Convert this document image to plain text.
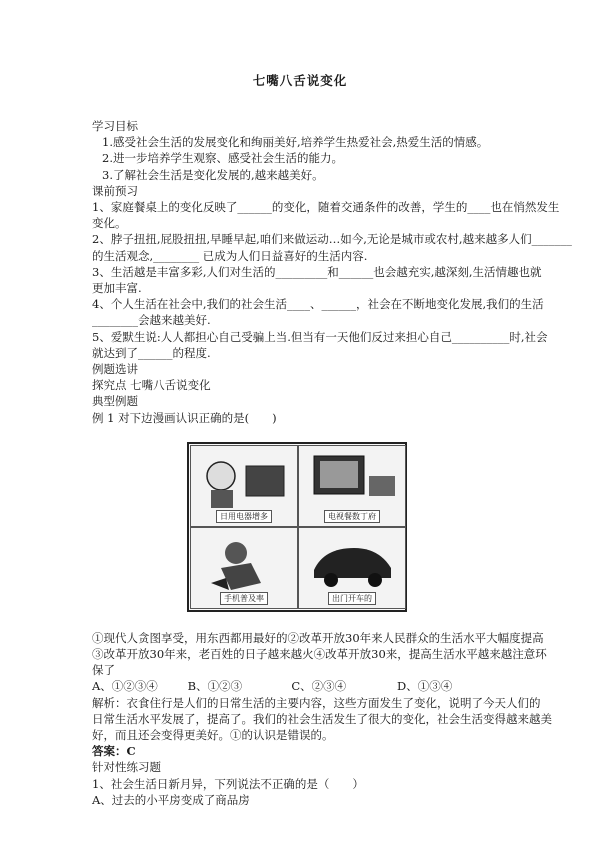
七嘴八舌说变化
学习目标
1.感受社会生活的发展变化和绚丽美好,培养学生热爱社会,热爱生活的情感。
2.进一步培养学生观察、感受社会生活的能力。
3.了解社会生活是变化发展的,越来越美好。
课前预习
1、家庭餐桌上的变化反映了______的变化，随着交通条件的改善，学生的____也在悄然发生
变化。
2、脖子扭扭,屁股扭扭,早睡早起,咱们来做运动…如今,无论是城市或农村,越来越多人们_______
的生活观念,________ 已成为人们日益喜好的生活内容.
3、生活越是丰富多彩,人们对生活的_________和______也会越充实,越深刻,生活情趣也就
更加丰富.
4、个人生活在社会中,我们的社会生活____、______，社会在不断地变化发展,我们的生活
________会越来越美好.
5、爱默生说:人人都担心自己受骗上当.但当有一天他们反过来担心自己__________时,社会
就达到了______的程度.
例题选讲
探究点 七嘴八舌说变化
典型例题
例 1 对下边漫画认识正确的是(　　)
日用电器增多	电视餐数丁府
手机普及率	出门开车的
①现代人贪图享受，用东西都用最好的②改革开放30年来人民群众的生活水平大幅度提高
③改革开放30年来，老百姓的日子越来越火④改革开放30来，提高生活水平越来越注意环
保了
A、①②③④	B、①②③	C、②③④	D、①③④
解析：衣食住行是人们的日常生活的主要内容，这些方面发生了变化，说明了今天人们的
日常生活水平发展了，提高了。我们的社会生活发生了很大的变化，社会生活变得越来越美
好，而且还会变得更美好。①的认识是错误的。
答案：C
针对性练习题
1、社会生活日新月异，下列说法不正确的是（　　）
A、过去的小平房变成了商品房
